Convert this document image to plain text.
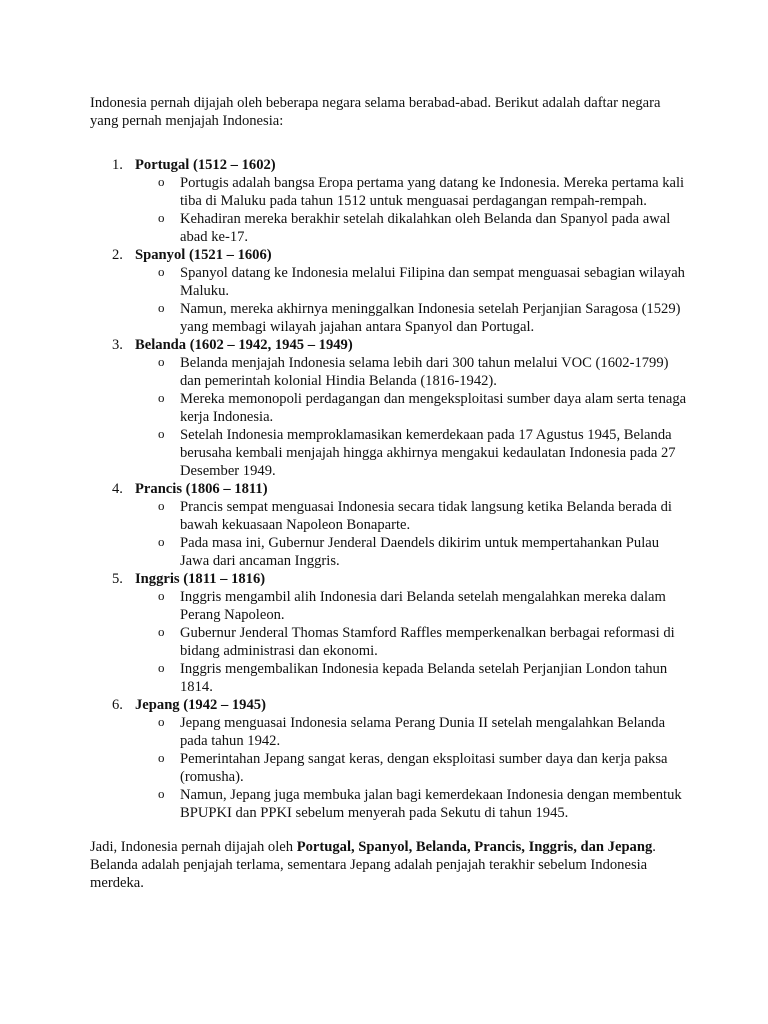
Indonesia pernah dijajah oleh beberapa negara selama berabad-abad. Berikut adalah daftar negara yang pernah menjajah Indonesia:

1. Portugal (1512 – 1602)
o Portugis adalah bangsa Eropa pertama yang datang ke Indonesia. Mereka pertama kali tiba di Maluku pada tahun 1512 untuk menguasai perdagangan rempah-rempah.
o Kehadiran mereka berakhir setelah dikalahkan oleh Belanda dan Spanyol pada awal abad ke-17.
2. Spanyol (1521 – 1606)
o Spanyol datang ke Indonesia melalui Filipina dan sempat menguasai sebagian wilayah Maluku.
o Namun, mereka akhirnya meninggalkan Indonesia setelah Perjanjian Saragosa (1529) yang membagi wilayah jajahan antara Spanyol dan Portugal.
3. Belanda (1602 – 1942, 1945 – 1949)
o Belanda menjajah Indonesia selama lebih dari 300 tahun melalui VOC (1602-1799) dan pemerintah kolonial Hindia Belanda (1816-1942).
o Mereka memonopoli perdagangan dan mengeksploitasi sumber daya alam serta tenaga kerja Indonesia.
o Setelah Indonesia memproklamasikan kemerdekaan pada 17 Agustus 1945, Belanda berusaha kembali menjajah hingga akhirnya mengakui kedaulatan Indonesia pada 27 Desember 1949.
4. Prancis (1806 – 1811)
o Prancis sempat menguasai Indonesia secara tidak langsung ketika Belanda berada di bawah kekuasaan Napoleon Bonaparte.
o Pada masa ini, Gubernur Jenderal Daendels dikirim untuk mempertahankan Pulau Jawa dari ancaman Inggris.
5. Inggris (1811 – 1816)
o Inggris mengambil alih Indonesia dari Belanda setelah mengalahkan mereka dalam Perang Napoleon.
o Gubernur Jenderal Thomas Stamford Raffles memperkenalkan berbagai reformasi di bidang administrasi dan ekonomi.
o Inggris mengembalikan Indonesia kepada Belanda setelah Perjanjian London tahun 1814.
6. Jepang (1942 – 1945)
o Jepang menguasai Indonesia selama Perang Dunia II setelah mengalahkan Belanda pada tahun 1942.
o Pemerintahan Jepang sangat keras, dengan eksploitasi sumber daya dan kerja paksa (romusha).
o Namun, Jepang juga membuka jalan bagi kemerdekaan Indonesia dengan membentuk BPUPKI dan PPKI sebelum menyerah pada Sekutu di tahun 1945.

Jadi, Indonesia pernah dijajah oleh Portugal, Spanyol, Belanda, Prancis, Inggris, dan Jepang. Belanda adalah penjajah terlama, sementara Jepang adalah penjajah terakhir sebelum Indonesia merdeka.
